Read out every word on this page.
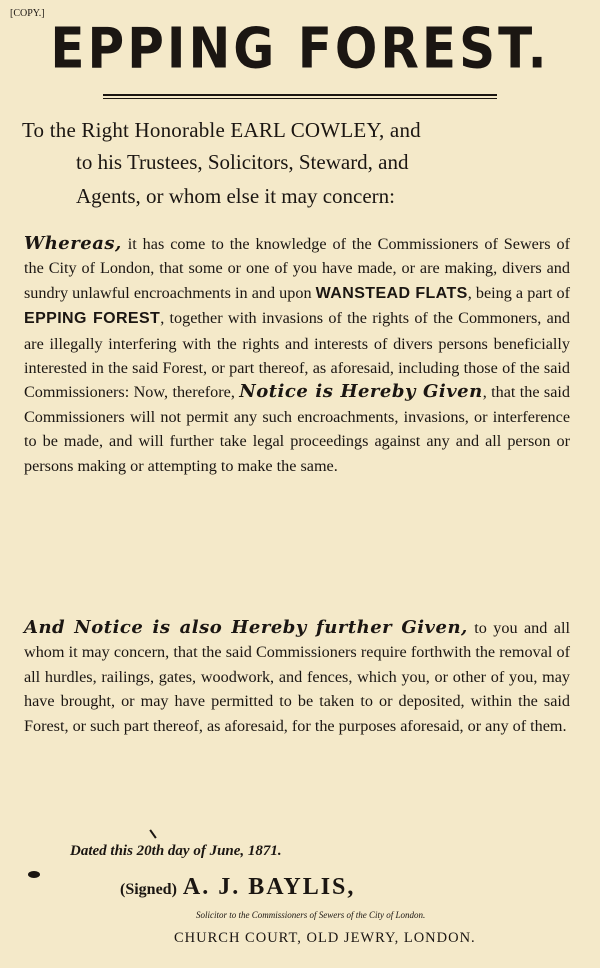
[COPY.]
EPPING FOREST.
To the Right Honorable EARL COWLEY, and
to his Trustees, Solicitors, Steward, and
Agents, or whom else it may concern:
Whereas, it has come to the knowledge of the Commissioners of Sewers of the City of London, that some or one of you have made, or are making, divers and sundry unlawful encroachments in and upon WANSTEAD FLATS, being a part of EPPING FOREST, together with invasions of the rights of the Commoners, and are illegally interfering with the rights and interests of divers persons beneficially interested in the said Forest, or part thereof, as aforesaid, including those of the said Commissioners: Now, therefore, Notice is Hereby Given, that the said Commissioners will not permit any such encroachments, invasions, or interference to be made, and will further take legal proceedings against any and all person or persons making or attempting to make the same.
And Notice is also Hereby further Given, to you and all whom it may concern, that the said Commissioners require forthwith the removal of all hurdles, railings, gates, woodwork, and fences, which you, or other of you, may have brought, or may have permitted to be taken to or deposited, within the said Forest, or such part thereof, as aforesaid, for the purposes aforesaid, or any of them.
Dated this 20th day of June, 1871.
(Signed) A. J. BAYLIS,
Solicitor to the Commissioners of Sewers of the City of London.
CHURCH COURT, OLD JEWRY, LONDON.
